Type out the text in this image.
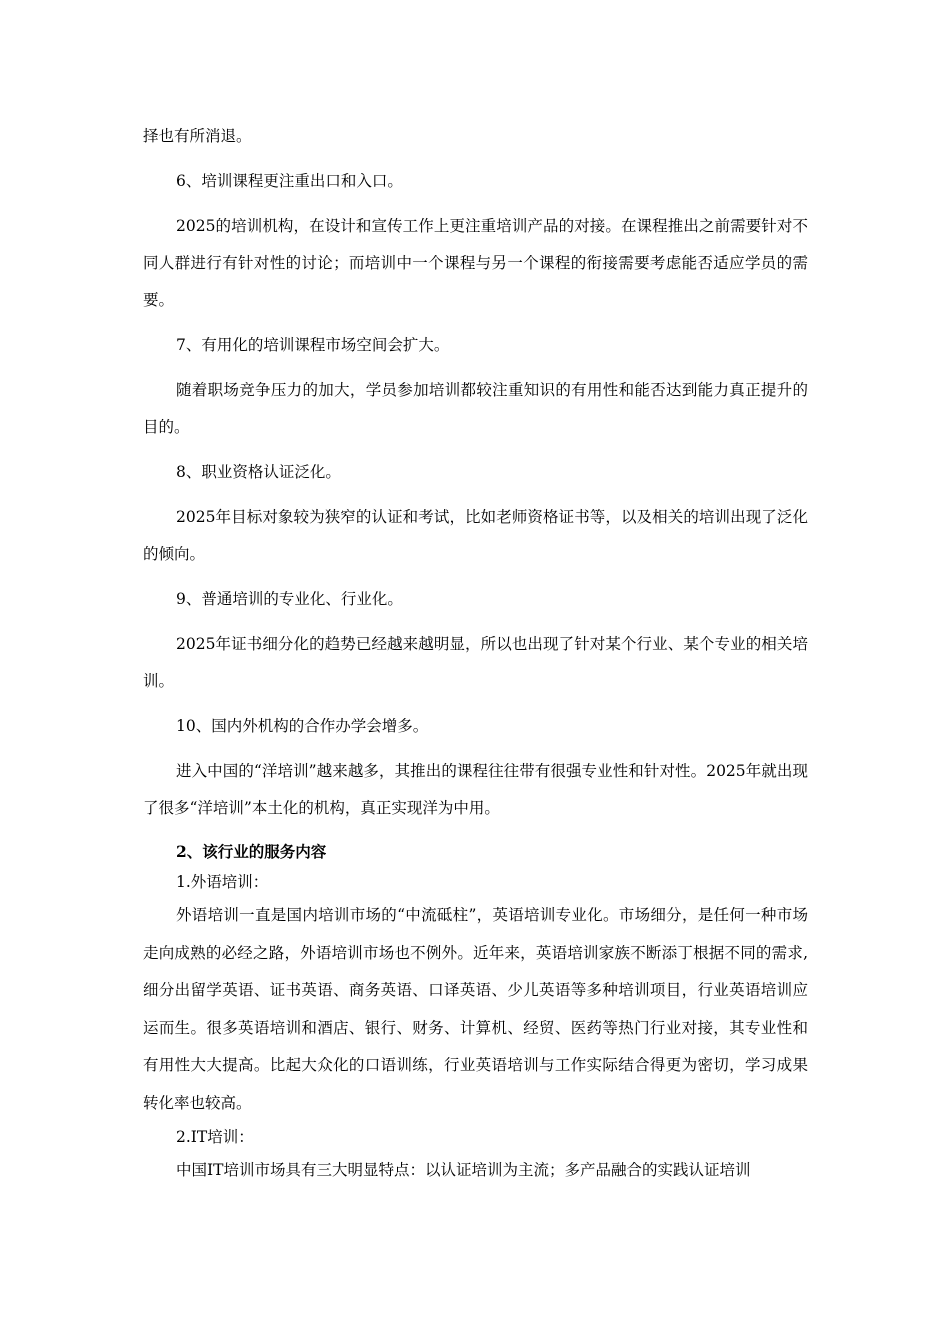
择也有所消退。

6、培训课程更注重出口和入口。

2025的培训机构，在设计和宣传工作上更注重培训产品的对接。在课程推出之前需要针对不同人群进行有针对性的讨论；而培训中一个课程与另一个课程的衔接需要考虑能否适应学员的需要。

7、有用化的培训课程市场空间会扩大。

随着职场竞争压力的加大，学员参加培训都较注重知识的有用性和能否达到能力真正提升的目的。

8、职业资格认证泛化。

2025年目标对象较为狭窄的认证和考试，比如老师资格证书等，以及相关的培训出现了泛化的倾向。

9、普通培训的专业化、行业化。

2025年证书细分化的趋势已经越来越明显，所以也出现了针对某个行业、某个专业的相关培训。

10、国内外机构的合作办学会增多。

进入中国的“洋培训”越来越多，其推出的课程往往带有很强专业性和针对性。2025年就出现了很多“洋培训”本土化的机构，真正实现洋为中用。

2、该行业的服务内容

1.外语培训：

外语培训一直是国内培训市场的“中流砥柱”，英语培训专业化。市场细分，是任何一种市场走向成熟的必经之路，外语培训市场也不例外。近年来，英语培训家族不断添丁根据不同的需求,细分出留学英语、证书英语、商务英语、口译英语、少儿英语等多种培训项目，行业英语培训应运而生。很多英语培训和酒店、银行、财务、计算机、经贸、医药等热门行业对接，其专业性和有用性大大提高。比起大众化的口语训练，行业英语培训与工作实际结合得更为密切，学习成果转化率也较高。

2.IT培训：

中国IT培训市场具有三大明显特点：以认证培训为主流；多产品融合的实践认证培训
